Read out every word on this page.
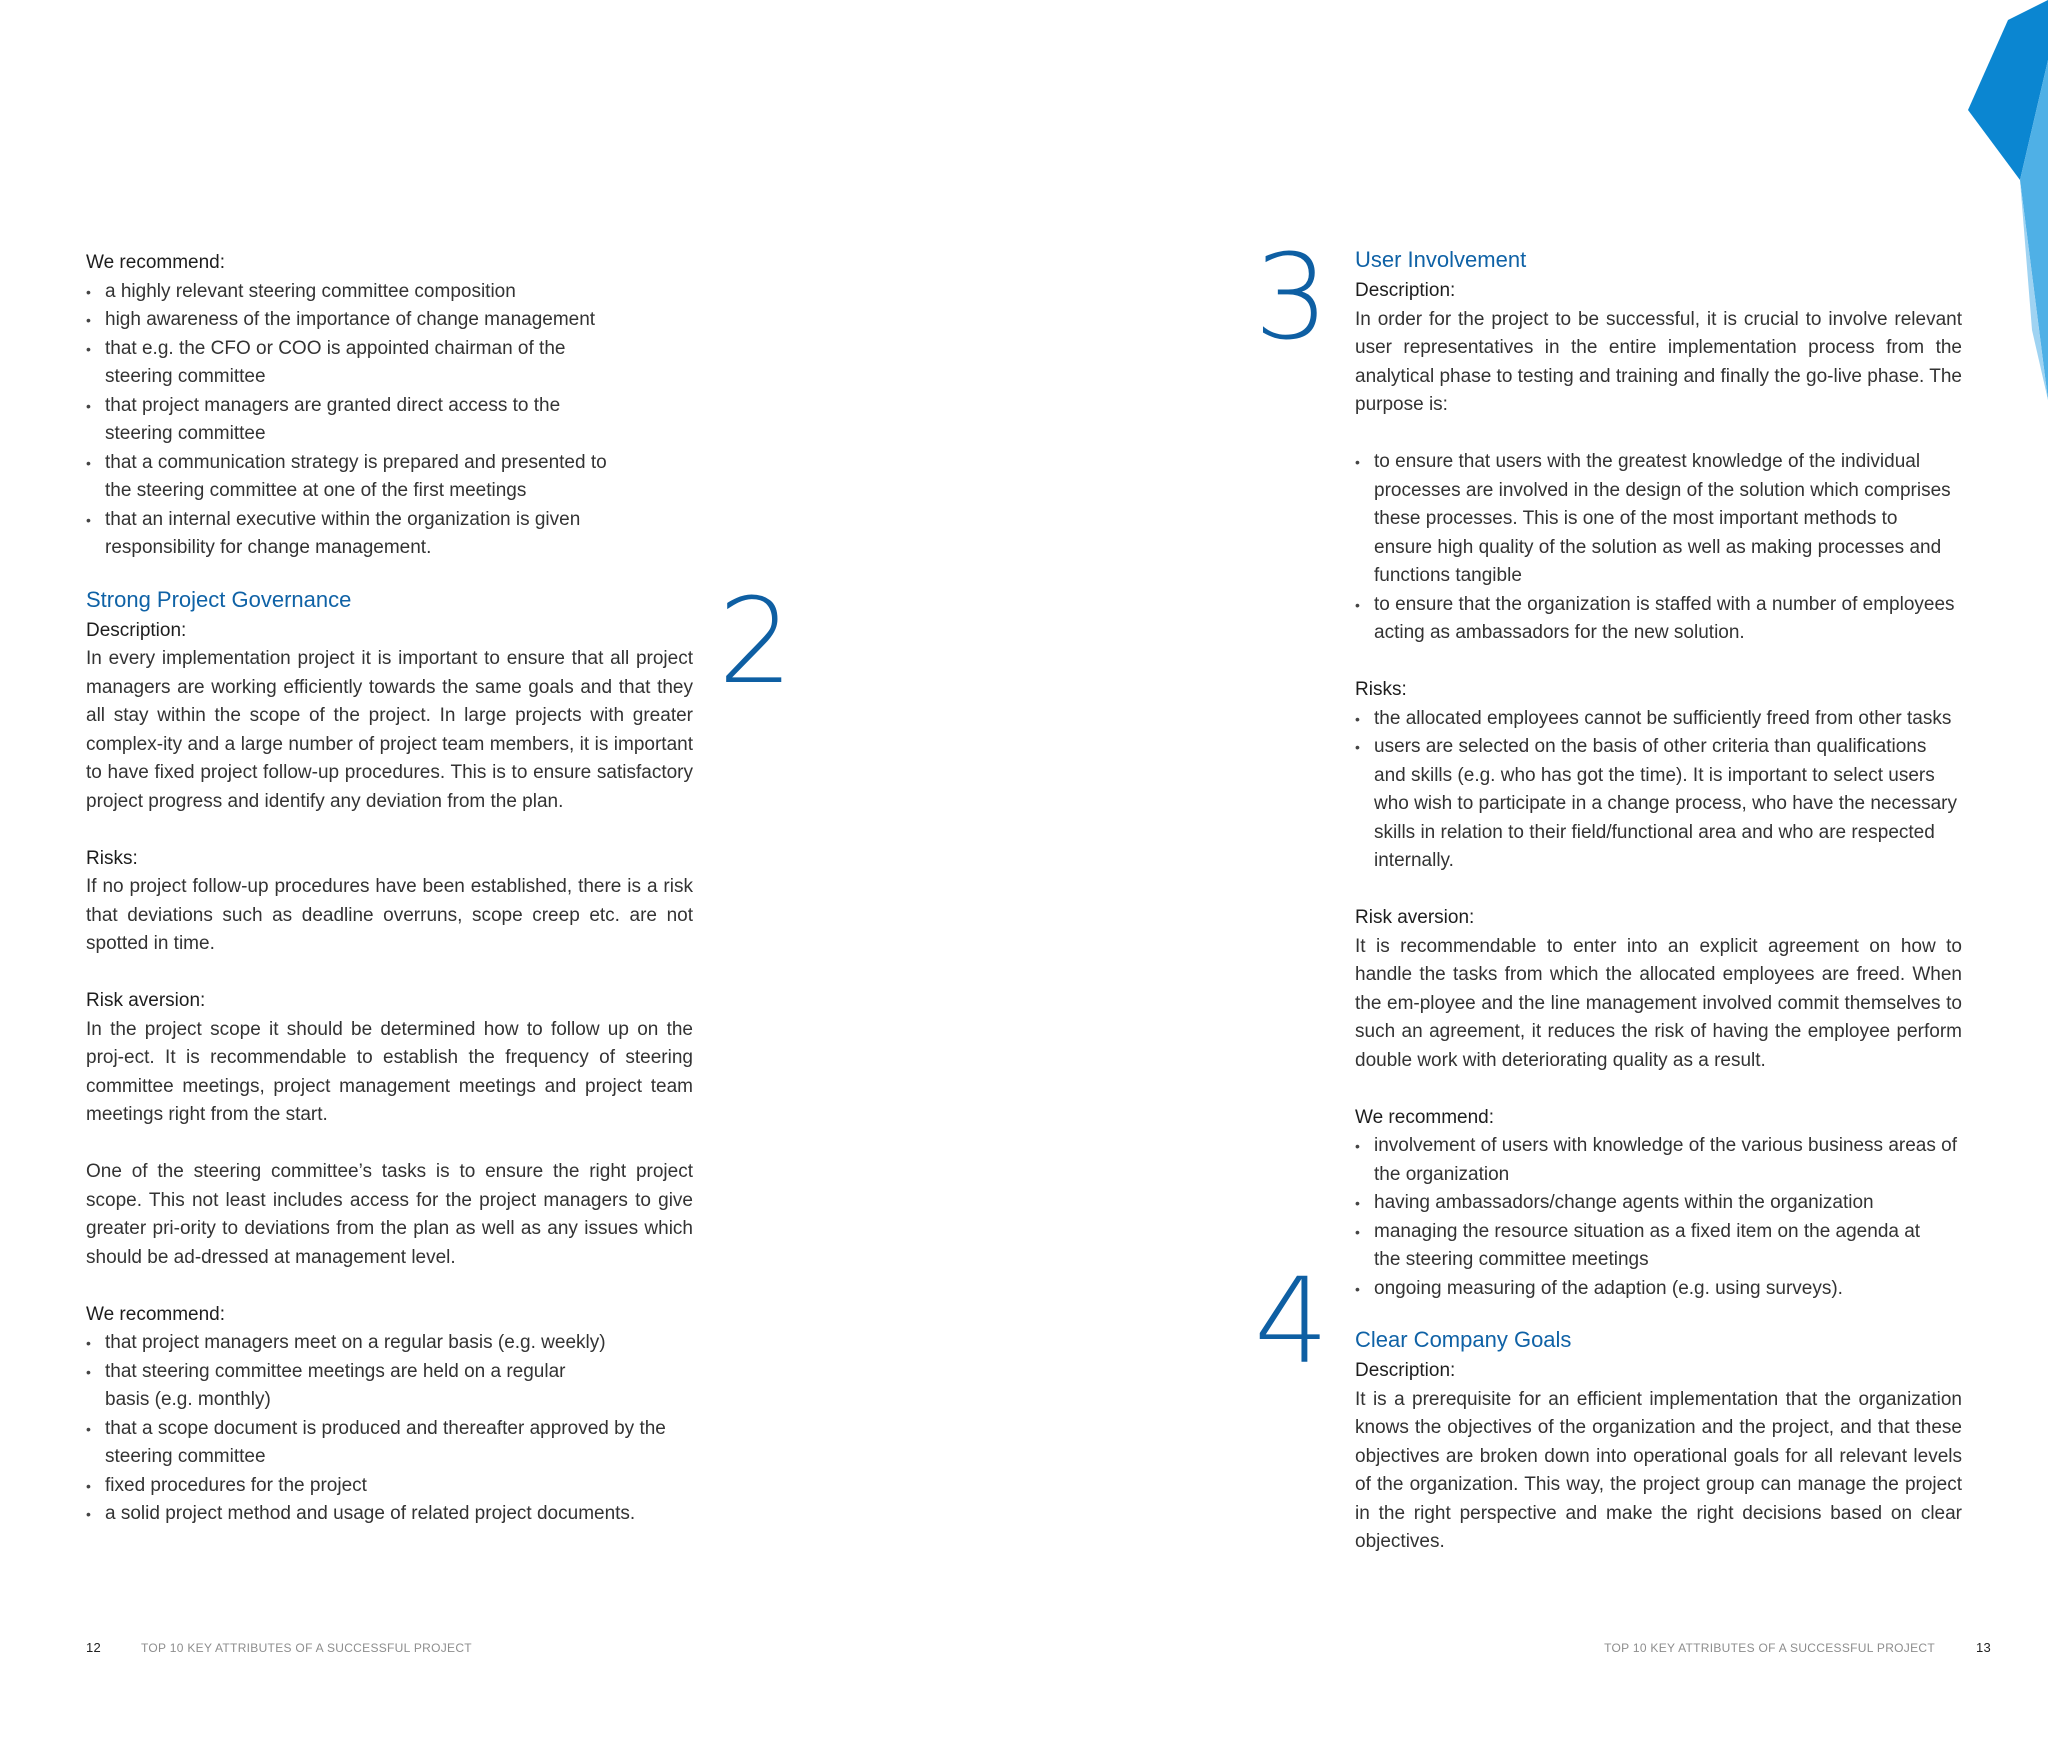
We recommend:
• a highly relevant steering committee composition
• high awareness of the importance of change management
• that e.g. the CFO or COO is appointed chairman of the steering committee
• that project managers are granted direct access to the steering committee
• that a communication strategy is prepared and presented to the steering committee at one of the first meetings
• that an internal executive within the organization is given responsibility for change management.
Strong Project Governance
Description:
In every implementation project it is important to ensure that all project managers are working efficiently towards the same goals and that they all stay within the scope of the project. In large projects with greater complex-ity and a large number of project team members, it is important to have fixed project follow-up procedures. This is to ensure satisfactory project progress and identify any deviation from the plan.
Risks:
If no project follow-up procedures have been established, there is a risk that deviations such as deadline overruns, scope creep etc. are not spotted in time.
Risk aversion:
In the project scope it should be determined how to follow up on the proj-ect. It is recommendable to establish the frequency of steering committee meetings, project management meetings and project team meetings right from the start.
One of the steering committee’s tasks is to ensure the right project scope. This not least includes access for the project managers to give greater pri-ority to deviations from the plan as well as any issues which should be ad-dressed at management level.
We recommend:
• that project managers meet on a regular basis (e.g. weekly)
• that steering committee meetings are held on a regular basis (e.g. monthly)
• that a scope document is produced and thereafter approved by the steering committee
• fixed procedures for the project
• a solid project method and usage of related project documents.
2
12	TOP 10 KEY ATTRIBUTES OF A SUCCESSFUL PROJECT
3
4
TOP 10 KEY ATTRIBUTES OF A SUCCESSFUL PROJECT	13
User Involvement
Description:
In order for the project to be successful, it is crucial to involve relevant user representatives in the entire implementation process from the analytical phase to testing and training and finally the go-live phase. The purpose is:
• to ensure that users with the greatest knowledge of the individual processes are involved in the design of the solution which comprises these processes. This is one of the most important methods to ensure high quality of the solution as well as making processes and functions tangible
• to ensure that the organization is staffed with a number of employees acting as ambassadors for the new solution.
Risks:
• the allocated employees cannot be sufficiently freed from other tasks
• users are selected on the basis of other criteria than qualifications and skills (e.g. who has got the time). It is important to select users who wish to participate in a change process, who have the necessary skills in relation to their field/functional area and who are respected internally.
Risk aversion:
It is recommendable to enter into an explicit agreement on how to handle the tasks from which the allocated employees are freed. When the em-ployee and the line management involved commit themselves to such an agreement, it reduces the risk of having the employee perform double work with deteriorating quality as a result.
We recommend:
• involvement of users with knowledge of the various business areas of the organization
• having ambassadors/change agents within the organization
• managing the resource situation as a fixed item on the agenda at the steering committee meetings
• ongoing measuring of the adaption (e.g. using surveys).
Clear Company Goals
Description:
It is a prerequisite for an efficient implementation that the organization knows the objectives of the organization and the project, and that these objectives are broken down into operational goals for all relevant levels of the organization. This way, the project group can manage the project in the right perspective and make the right decisions based on clear objectives.
